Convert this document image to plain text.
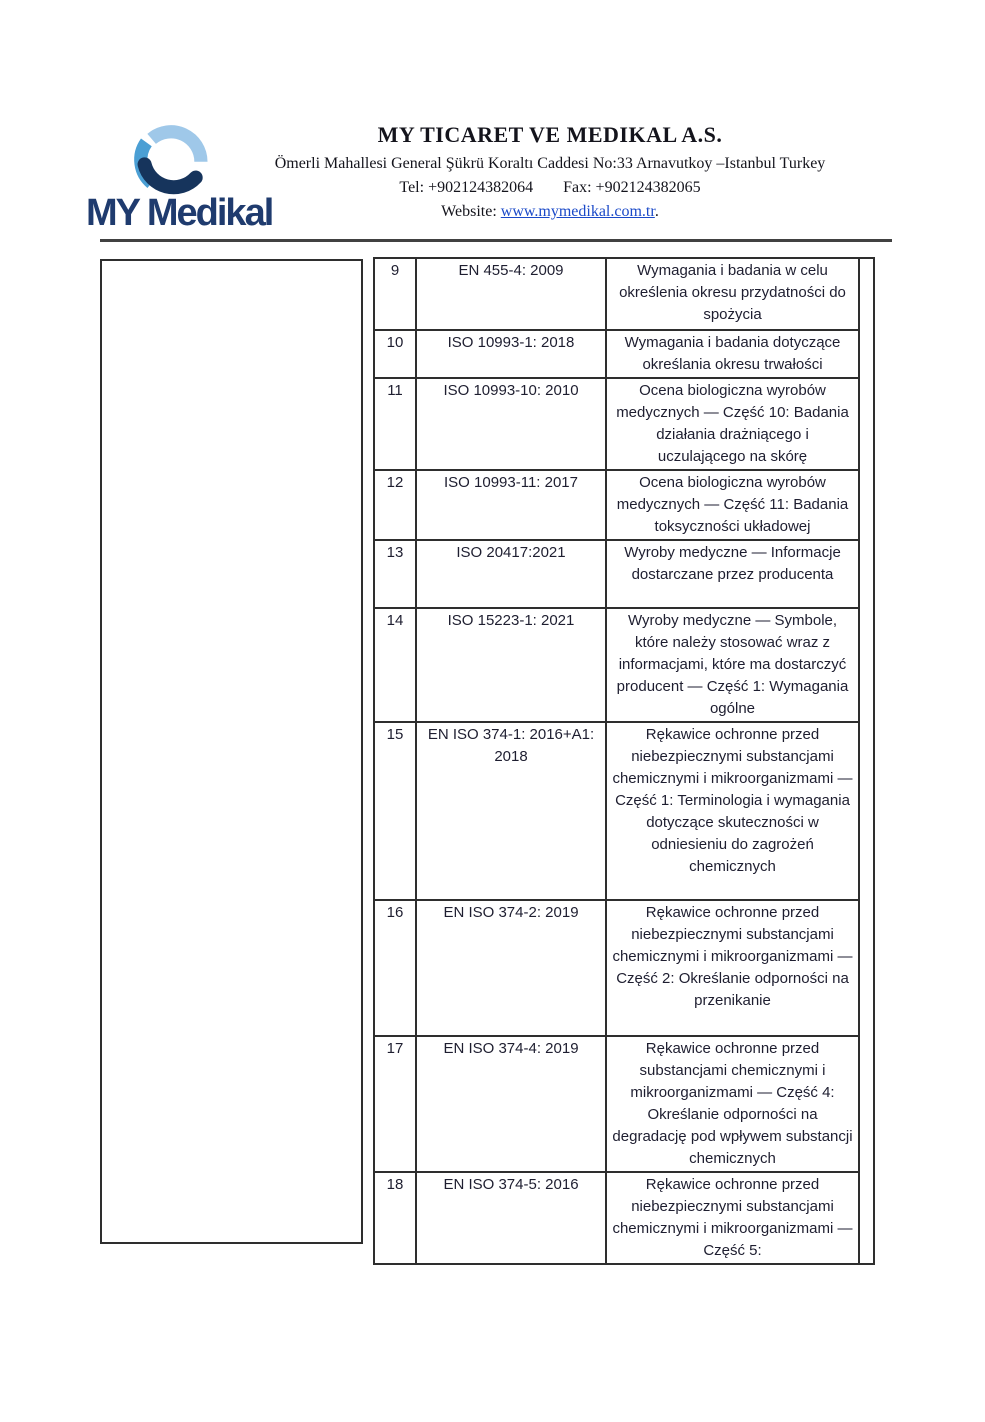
MY Medikal
MY TICARET VE MEDIKAL A.S.
Ömerli Mahallesi General Şükrü Koraltı Caddesi No:33 Arnavutkoy –Istanbul Turkey
Tel: +902124382064 Fax: +902124382065
Website: www.mymedikal.com.tr.
9	EN 455-4: 2009	Wymagania i badania w celu określenia okresu przydatności do spożycia	
10	ISO 10993-1: 2018	Wymagania i badania dotyczące określania okresu trwałości	
11	ISO 10993-10: 2010	Ocena biologiczna wyrobów medycznych — Część 10: Badania działania drażniącego i uczulającego na skórę	
12	ISO 10993-11: 2017	Ocena biologiczna wyrobów medycznych — Część 11: Badania toksyczności układowej	
13	ISO 20417:2021	Wyroby medyczne — Informacje dostarczane przez producenta	
14	ISO 15223-1: 2021	Wyroby medyczne — Symbole, które należy stosować wraz z informacjami, które ma dostarczyć producent — Część 1: Wymagania ogólne	
15	EN ISO 374-1: 2016+A1: 2018	Rękawice ochronne przed niebezpiecznymi substancjami chemicznymi i mikroorganizmami — Część 1: Terminologia i wymagania dotyczące skuteczności w odniesieniu do zagrożeń chemicznych	
16	EN ISO 374-2: 2019	Rękawice ochronne przed niebezpiecznymi substancjami chemicznymi i mikroorganizmami — Część 2: Określanie odporności na przenikanie	
17	EN ISO 374-4: 2019	Rękawice ochronne przed substancjami chemicznymi i mikroorganizmami — Część 4: Określanie odporności na degradację pod wpływem substancji chemicznych	
18	EN ISO 374-5: 2016	Rękawice ochronne przed niebezpiecznymi substancjami chemicznymi i mikroorganizmami — Część 5:	
